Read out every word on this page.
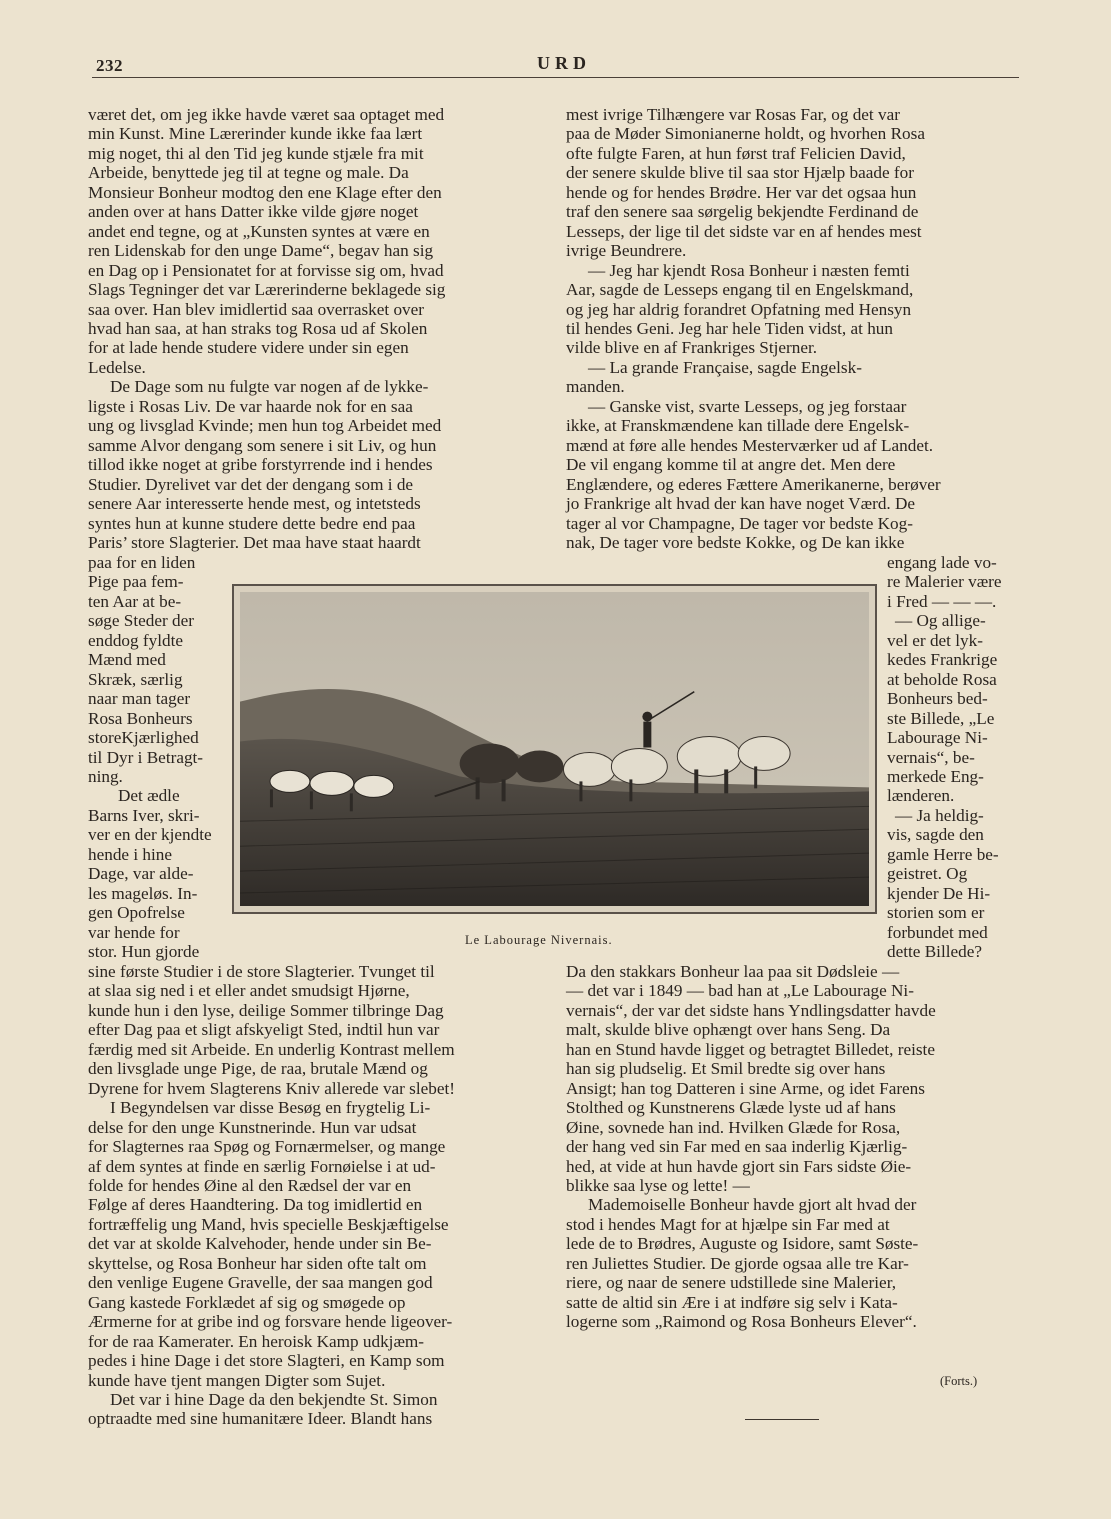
232	URD

været det, om jeg ikke havde været saa optaget med

min Kunst. Mine Lærerinder kunde ikke faa lært

mig noget, thi al den Tid jeg kunde stjæle fra mit

Arbeide, benyttede jeg til at tegne og male. Da

Monsieur Bonheur modtog den ene Klage efter den

anden over at hans Datter ikke vilde gjøre noget

andet end tegne, og at „Kunsten syntes at være en

ren Lidenskab for den unge Dame“, begav han sig

en Dag op i Pensionatet for at forvisse sig om, hvad

Slags Tegninger det var Lærerinderne beklagede sig

saa over. Han blev imidlertid saa overrasket over

hvad han saa, at han straks tog Rosa ud af Skolen

for at lade hende studere videre under sin egen

Ledelse.

De Dage som nu fulgte var nogen af de lykke-

ligste i Rosas Liv. De var haarde nok for en saa

ung og livsglad Kvinde; men hun tog Arbeidet med

samme Alvor dengang som senere i sit Liv, og hun

tillod ikke noget at gribe forstyrrende ind i hendes

Studier. Dyrelivet var det der dengang som i de

senere Aar interesserte hende mest, og intetsteds

syntes hun at kunne studere dette bedre end paa

Paris’ store Slagterier. Det maa have staat haardt

paa for en liden

Pige paa fem-

ten Aar at be-

søge Steder der

enddog fyldte

Mænd med

Skræk, særlig

naar man tager

Rosa Bonheurs

storeKjærlighed

til Dyr i Betragt-

ning.

Det ædle

Barns Iver, skri-

ver en der kjendte

hende i hine

Dage, var alde-

les mageløs. In-

gen Opofrelse

var hende for

stor. Hun gjorde

sine første Studier i de store Slagterier. Tvunget til

at slaa sig ned i et eller andet smudsigt Hjørne,

kunde hun i den lyse, deilige Sommer tilbringe Dag

efter Dag paa et sligt afskyeligt Sted, indtil hun var

færdig med sit Arbeide. En underlig Kontrast mellem

den livsglade unge Pige, de raa, brutale Mænd og

Dyrene for hvem Slagterens Kniv allerede var slebet!

I Begyndelsen var disse Besøg en frygtelig Li-

delse for den unge Kunstnerinde. Hun var udsat

for Slagternes raa Spøg og Fornærmelser, og mange

af dem syntes at finde en særlig Fornøielse i at ud-

folde for hendes Øine al den Rædsel der var en

Følge af deres Haandtering. Da tog imidlertid en

fortræffelig ung Mand, hvis specielle Beskjæftigelse

det var at skolde Kalvehoder, hende under sin Be-

skyttelse, og Rosa Bonheur har siden ofte talt om

den venlige Eugene Gravelle, der saa mangen god

Gang kastede Forklædet af sig og smøgede op

Ærmerne for at gribe ind og forsvare hende ligeover-

for de raa Kamerater. En heroisk Kamp udkjæm-

pedes i hine Dage i det store Slagteri, en Kamp som

kunde have tjent mangen Digter som Sujet.

Det var i hine Dage da den bekjendte St. Simon

optraadte med sine humanitære Ideer. Blandt hans

mest ivrige Tilhængere var Rosas Far, og det var

paa de Møder Simonianerne holdt, og hvorhen Rosa

ofte fulgte Faren, at hun først traf Felicien David,

der senere skulde blive til saa stor Hjælp baade for

hende og for hendes Brødre. Her var det ogsaa hun

traf den senere saa sørgelig bekjendte Ferdinand de

Lesseps, der lige til det sidste var en af hendes mest

ivrige Beundrere.

— Jeg har kjendt Rosa Bonheur i næsten femti

Aar, sagde de Lesseps engang til en Engelskmand,

og jeg har aldrig forandret Opfatning med Hensyn

til hendes Geni. Jeg har hele Tiden vidst, at hun

vilde blive en af Frankriges Stjerner.

— La grande Française, sagde Engelsk-

manden.

— Ganske vist, svarte Lesseps, og jeg forstaar

ikke, at Franskmændene kan tillade dere Engelsk-

mænd at føre alle hendes Mesterværker ud af Landet.

De vil engang komme til at angre det. Men dere

Englændere, og ederes Fættere Amerikanerne, berøver

jo Frankrige alt hvad der kan have noget Værd. De

tager al vor Champagne, De tager vor bedste Kog-

nak, De tager vore bedste Kokke, og De kan ikke

engang lade vo-

re Malerier være

i Fred — — —.

— Og allige-

vel er det lyk-

kedes Frankrige

at beholde Rosa

Bonheurs bed-

ste Billede, „Le

Labourage Ni-

vernais“, be-

merkede Eng-

lænderen.

— Ja heldig-

vis, sagde den

gamle Herre be-

geistret. Og

kjender De Hi-

storien som er

forbundet med

dette Billede?

Da den stakkars Bonheur laa paa sit Dødsleie —

— det var i 1849 — bad han at „Le Labourage Ni-

vernais“, der var det sidste hans Yndlingsdatter havde

malt, skulde blive ophængt over hans Seng. Da

han en Stund havde ligget og betragtet Billedet, reiste

han sig pludselig. Et Smil bredte sig over hans

Ansigt; han tog Datteren i sine Arme, og idet Farens

Stolthed og Kunstnerens Glæde lyste ud af hans

Øine, sovnede han ind. Hvilken Glæde for Rosa,

der hang ved sin Far med en saa inderlig Kjærlig-

hed, at vide at hun havde gjort sin Fars sidste Øie-

blikke saa lyse og lette! —

Mademoiselle Bonheur havde gjort alt hvad der

stod i hendes Magt for at hjælpe sin Far med at

lede de to Brødres, Auguste og Isidore, samt Søste-

ren Juliettes Studier. De gjorde ogsaa alle tre Kar-

riere, og naar de senere udstillede sine Malerier,

satte de altid sin Ære i at indføre sig selv i Kata-

logerne som „Raimond og Rosa Bonheurs Elever“.

(Forts.)
Le Labourage Nivernais.
